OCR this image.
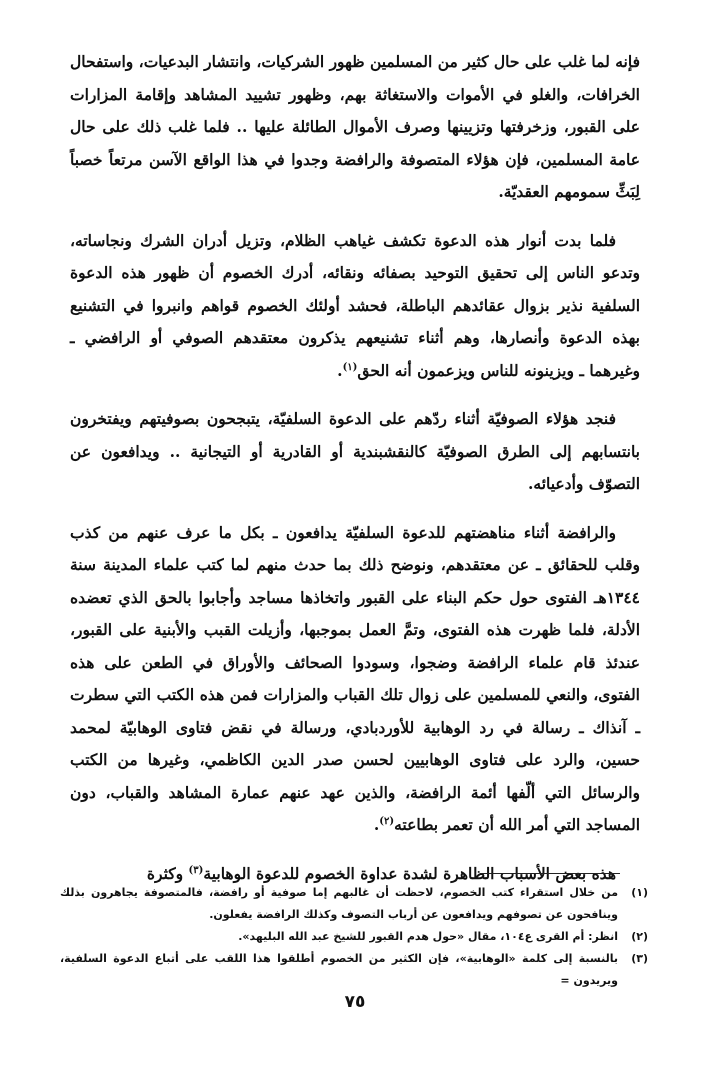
فإنه لما غلب على حال كثير من المسلمين ظهور الشركيات، وانتشار البدعيات، واستفحال الخرافات، والغلو في الأموات والاستغاثة بهم، وظهور تشييد المشاهد وإقامة المزارات على القبور، وزخرفتها وتزيينها وصرف الأموال الطائلة عليها .. فلما غلب ذلك على حال عامة المسلمين، فإن هؤلاء المتصوفة والرافضة وجدوا في هذا الواقع الآسن مرتعاً خصباً لِبَثِّ سمومهم العقديّة.

فلما بدت أنوار هذه الدعوة تكشف غياهب الظلام، وتزيل أدران الشرك ونجاساته، وتدعو الناس إلى تحقيق التوحيد بصفائه ونقائه، أدرك الخصوم أن ظهور هذه الدعوة السلفية نذير بزوال عقائدهم الباطلة، فحشد أولئك الخصوم قواهم وانبروا في التشنيع بهذه الدعوة وأنصارها، وهم أثناء تشنيعهم يذكرون معتقدهم الصوفي أو الرافضي ـ وغيرهما ـ ويزينونه للناس ويزعمون أنه الحق$^{(١)}$.

فنجد هؤلاء الصوفيّة أثناء ردّهم على الدعوة السلفيّة، يتبجحون بصوفيتهم ويفتخرون بانتسابهم إلى الطرق الصوفيّة كالنقشبندية أو القادرية أو التيجانية .. ويدافعون عن التصوّف وأدعيائه.

والرافضة أثناء مناهضتهم للدعوة السلفيّة يدافعون ـ بكل ما عرف عنهم من كذب وقلب للحقائق ـ عن معتقدهم، ونوضح ذلك بما حدث منهم لما كتب علماء المدينة سنة ١٣٤٤هـ الفتوى حول حكم البناء على القبور واتخاذها مساجد وأجابوا بالحق الذي تعضده الأدلة، فلما ظهرت هذه الفتوى، وتمَّ العمل بموجبها، وأزيلت القبب والأبنية على القبور، عندئذ قام علماء الرافضة وضجوا، وسودوا الصحائف والأوراق في الطعن على هذه الفتوى، والنعي للمسلمين على زوال تلك القباب والمزارات فمن هذه الكتب التي سطرت ـ آنذاك ـ رسالة في رد الوهابية للأوردبادي، ورسالة في نقض فتاوى الوهابيّة لمحمد حسين، والرد على فتاوى الوهابيين لحسن صدر الدين الكاظمي، وغيرها من الكتب والرسائل التي ألّفها أئمة الرافضة، والذين عهد عنهم عمارة المشاهد والقباب، دون المساجد التي أمر الله أن تعمر بطاعته$^{(٢)}$.

هذه بعض الأسباب الظاهرة لشدة عداوة الخصوم للدعوة الوهابية$^{(٣)}$ وكثرة

(١)
من خلال استقراء كتب الخصوم، لاحظت أن غالبهم إما صوفية أو رافضة، فالمتصوفة يجاهرون بذلك وينافحون عن تصوفهم ويدافعون عن أرباب التصوف وكذلك الرافضة يفعلون.
(٢)
انظر: أم القرى ع١٠٤، مقال «حول هدم القبور للشيخ عبد الله البليهد».
(٣)
بالنسبة إلى كلمة «الوهابية»، فإن الكثير من الخصوم أطلقوا هذا اللقب على أتباع الدعوة السلفية، ويريدون =
٧٥
